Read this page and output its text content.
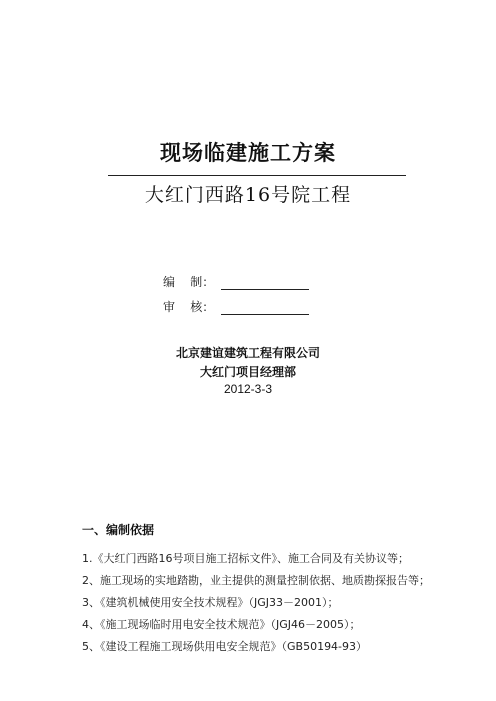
现场临建施工方案
大红门西路16号院工程
编    制：
审    核：
北京建谊建筑工程有限公司
大红门项目经理部
2012-3-3
一、编制依据
1.《大红门西路16号项目施工招标文件》、施工合同及有关协议等；
2、施工现场的实地踏勘，业主提供的测量控制依据、地质勘探报告等；
3、《建筑机械使用安全技术规程》（JGJ33－2001）；
4、《施工现场临时用电安全技术规范》（JGJ46－2005）；
5、《建设工程施工现场供用电安全规范》（GB50194-93）
